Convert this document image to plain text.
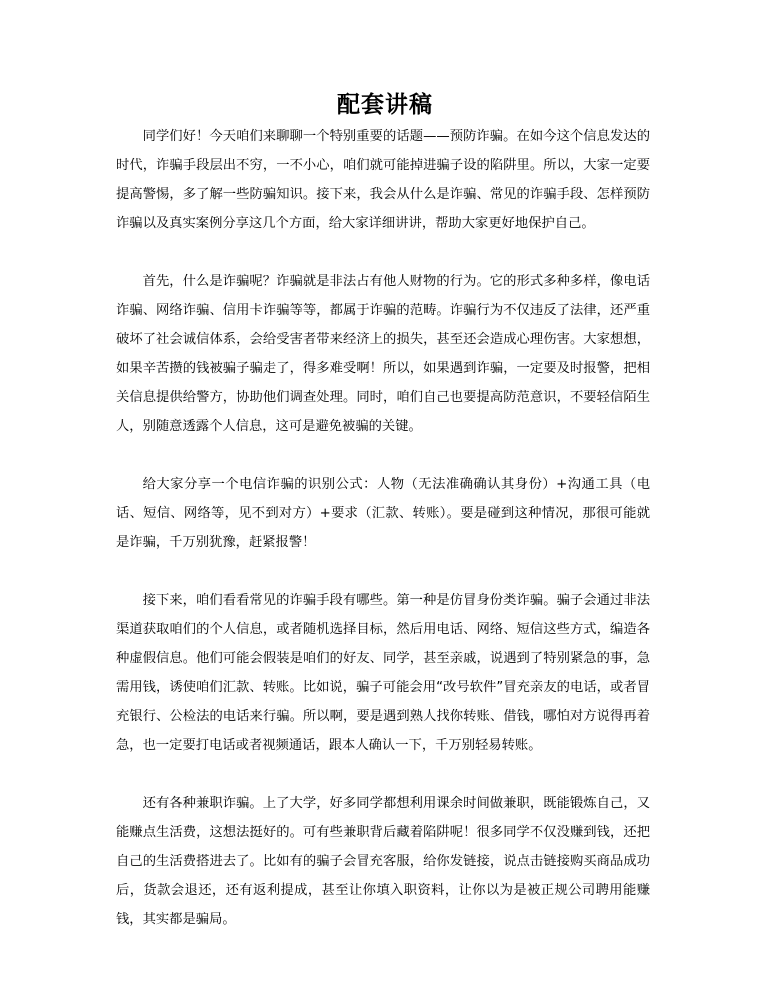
配套讲稿

同学们好！今天咱们来聊聊一个特别重要的话题——预防诈骗。在如今这个信息发达的时代，诈骗手段层出不穷，一不小心，咱们就可能掉进骗子设的陷阱里。所以，大家一定要提高警惕，多了解一些防骗知识。接下来，我会从什么是诈骗、常见的诈骗手段、怎样预防诈骗以及真实案例分享这几个方面，给大家详细讲讲，帮助大家更好地保护自己。

首先，什么是诈骗呢？诈骗就是非法占有他人财物的行为。它的形式多种多样，像电话诈骗、网络诈骗、信用卡诈骗等等，都属于诈骗的范畴。诈骗行为不仅违反了法律，还严重破坏了社会诚信体系，会给受害者带来经济上的损失，甚至还会造成心理伤害。大家想想，如果辛苦攒的钱被骗子骗走了，得多难受啊！所以，如果遇到诈骗，一定要及时报警，把相关信息提供给警方，协助他们调查处理。同时，咱们自己也要提高防范意识，不要轻信陌生人，别随意透露个人信息，这可是避免被骗的关键。

给大家分享一个电信诈骗的识别公式：人物（无法准确确认其身份）+沟通工具（电话、短信、网络等，见不到对方）+要求（汇款、转账）。要是碰到这种情况，那很可能就是诈骗，千万别犹豫，赶紧报警！

接下来，咱们看看常见的诈骗手段有哪些。第一种是仿冒身份类诈骗。骗子会通过非法渠道获取咱们的个人信息，或者随机选择目标，然后用电话、网络、短信这些方式，编造各种虚假信息。他们可能会假装是咱们的好友、同学，甚至亲戚，说遇到了特别紧急的事，急需用钱，诱使咱们汇款、转账。比如说，骗子可能会用“改号软件”冒充亲友的电话，或者冒充银行、公检法的电话来行骗。所以啊，要是遇到熟人找你转账、借钱，哪怕对方说得再着急，也一定要打电话或者视频通话，跟本人确认一下，千万别轻易转账。

还有各种兼职诈骗。上了大学，好多同学都想利用课余时间做兼职，既能锻炼自己，又能赚点生活费，这想法挺好的。可有些兼职背后藏着陷阱呢！很多同学不仅没赚到钱，还把自己的生活费搭进去了。比如有的骗子会冒充客服，给你发链接，说点击链接购买商品成功后，货款会退还，还有返利提成，甚至让你填入职资料，让你以为是被正规公司聘用能赚钱，其实都是骗局。
